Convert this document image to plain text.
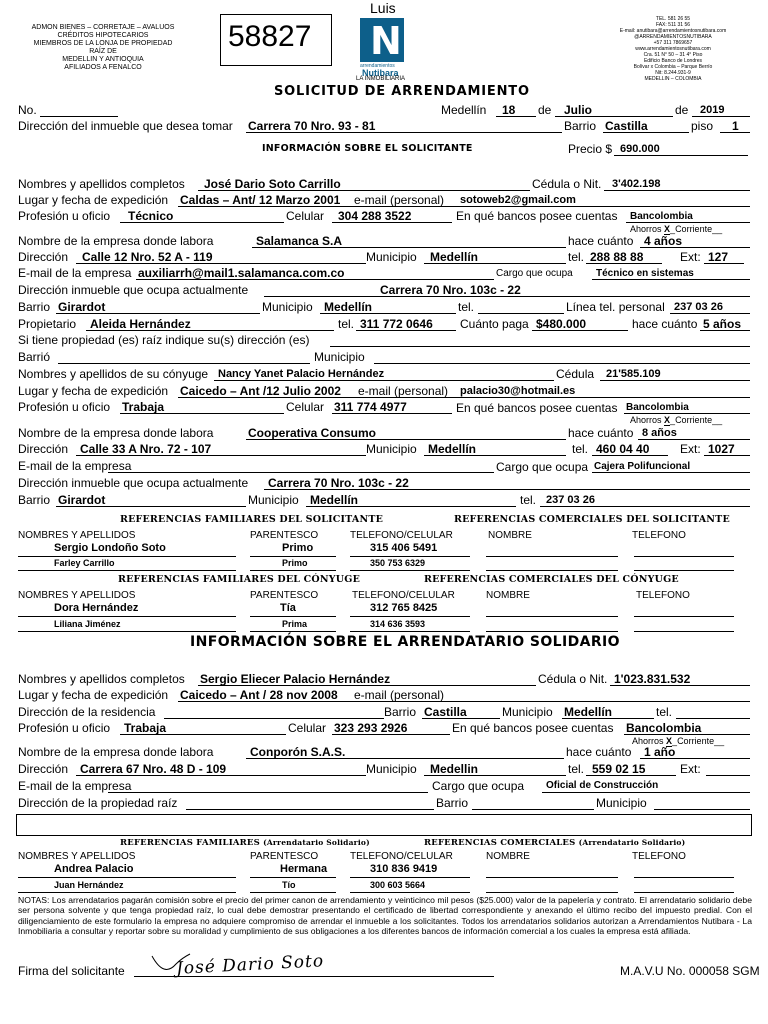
ADMON BIENES – CORRETAJE – AVALUOS
CRÉDITOS HIPOTECARIOS
MIEMBROS DE LA LONJA DE PROPIEDAD RAÍZ DE
MEDELLIN Y ANTIOQUIA
AFILIADOS A FENALCO
Luis
58827 N
arrendamientos
Nutibara
LA INMOBILIARIA
TEL. 581 26 55
FAX: 511 31 56
E-mail: anutibara@arrendamientosnutibara.com
@ARRENDAMIENTOSNUTIBARA
+57 311 7869657
www.arrendamientosnutibara.com
Cra. 51 N° 50 – 31 4° Piso
Edificio Banco de Londres
Bolívar x Colombia – Parque Berrío
Nit: 8.244.931-9
MEDELLIN – COLOMBIA
SOLICITUD DE ARRENDAMIENTO
No.	Medellín 18 de Julio	de 2019
Dirección del inmueble que desea tomar Carrera 70 Nro. 93 - 81	Barrio Castilla	piso 1
INFORMACIÓN SOBRE EL SOLICITANTE	Precio $ 690.000
Nombres y apellidos completos José Dario Soto Carrillo	Cédula o Nit. 3'402.198
Lugar y fecha de expedición Caldas – Ant/ 12 Marzo 2001 e-mail (personal) sotoweb2@gmail.com
Profesión u oficio Técnico	Celular 304 288 3522	En qué bancos posee cuentas Bancolombia
Ahorros X_Corriente__
Nombre de la empresa donde labora	Salamanca S.A	hace cuánto 4 años
Dirección Calle 12 Nro. 52 A - 119	Municipio Medellín	tel. 288 88 88	Ext: 127
E-mail de la empresa auxiliarrh@mail1.salamanca.com.co	Cargo que ocupa Técnico en sistemas
Dirección inmueble que ocupa actualmente	Carrera 70 Nro. 103c - 22
Barrio Girardot	Municipio Medellín	tel.	Línea tel. personal 237 03 26
Propietario Aleida Hernández	tel. 311 772 0646 Cuánto paga $480.000	hace cuánto 5 años
Si tiene propiedad (es) raíz indique su(s) dirección (es)
Barrió	Municipio
Nombres y apellidos de su cónyuge Nancy Yanet Palacio Hernández	Cédula 21'585.109
Lugar y fecha de expedición Caicedo – Ant /12 Julio 2002 e-mail (personal) palacio30@hotmail.es
Profesión u oficio Trabaja	Celular 311 774 4977	En qué bancos posee cuentas Bancolombia
Ahorros X_Corriente__
Nombre de la empresa donde labora	Cooperativa Consumo	hace cuánto 8 años
Dirección Calle 33 A Nro. 72 - 107	Municipio Medellín	tel. 460 04 40	Ext: 1027
E-mail de la empresa	Cargo que ocupa Cajera Polifuncional
Dirección inmueble que ocupa actualmente Carrera 70 Nro. 103c - 22
Barrio Girardot	Municipio Medellín	tel. 237 03 26
REFERENCIAS FAMILIARES DEL SOLICITANTE	REFERENCIAS COMERCIALES DEL SOLICITANTE
NOMBRES Y APELLIDOS	PARENTESCO	TELEFONO/CELULAR	NOMBRE	TELEFONO
Sergio Londoño Soto	Primo	315 406 5491
Farley Carrillo	Primo	350 753 6329
REFERENCIAS FAMILIARES DEL CÓNYUGE	REFERENCIAS COMERCIALES DEL CÓNYUGE
NOMBRES Y APELLIDOS	PARENTESCO	TELEFONO/CELULAR	NOMBRE	TELEFONO
Dora Hernández	Tía	312 765 8425
Liliana Jiménez	Prima	314 636 3593
INFORMACIÓN SOBRE EL ARRENDATARIO SOLIDARIO
Nombres y apellidos completos Sergio Eliecer Palacio Hernández	Cédula o Nit. 1'023.831.532
Lugar y fecha de expedición Caicedo – Ant / 28 nov 2008 e-mail (personal)
Dirección de la residencia	Barrio Castilla	Municipio Medellín	tel.
Profesión u oficio Trabaja	Celular 323 293 2926	En qué bancos posee cuentas Bancolombia
Ahorros X_Corriente__
Nombre de la empresa donde labora	Conporón S.A.S.	hace cuánto 1 año
Dirección Carrera 67 Nro. 48 D - 109	Municipio Medellin	tel. 559 02 15	Ext:
E-mail de la empresa	Cargo que ocupa Oficial de Construcción
Dirección de la propiedad raíz	Barrio	Municipio
REFERENCIAS FAMILIARES (Arrendatario Solidario)	REFERENCIAS COMERCIALES (Arrendatario Solidario)
NOMBRES Y APELLIDOS	PARENTESCO	TELEFONO/CELULAR	NOMBRE	TELEFONO
Andrea Palacio	Hermana	310 836 9419
Juan Hernández	Tío	300 603 5664
NOTAS: Los arrendatarios pagarán comisión sobre el precio del primer canon de arrendamiento y veinticinco mil pesos ($25.000) valor de la papelería y contrato. El arrendatario solidario debe ser persona solvente y que tenga propiedad raíz, lo cual debe demostrar presentando el certificado de libertad correspondiente y anexando el último recibo del impuesto predial. Con el diligenciamiento de este formulario la empresa no adquiere compromiso de arrendar el inmueble a los solicitantes. Todos los arrendatarios solidarios autorizan a Arrendamientos Nutibara - La Inmobiliaria a consultar y reportar sobre su moralidad y cumplimiento de sus obligaciones a los diferentes bancos de información comercial a los cuales la empresa está afiliada.
Firma del solicitante	José Dario Soto	M.A.V.U No. 000058 SGM
